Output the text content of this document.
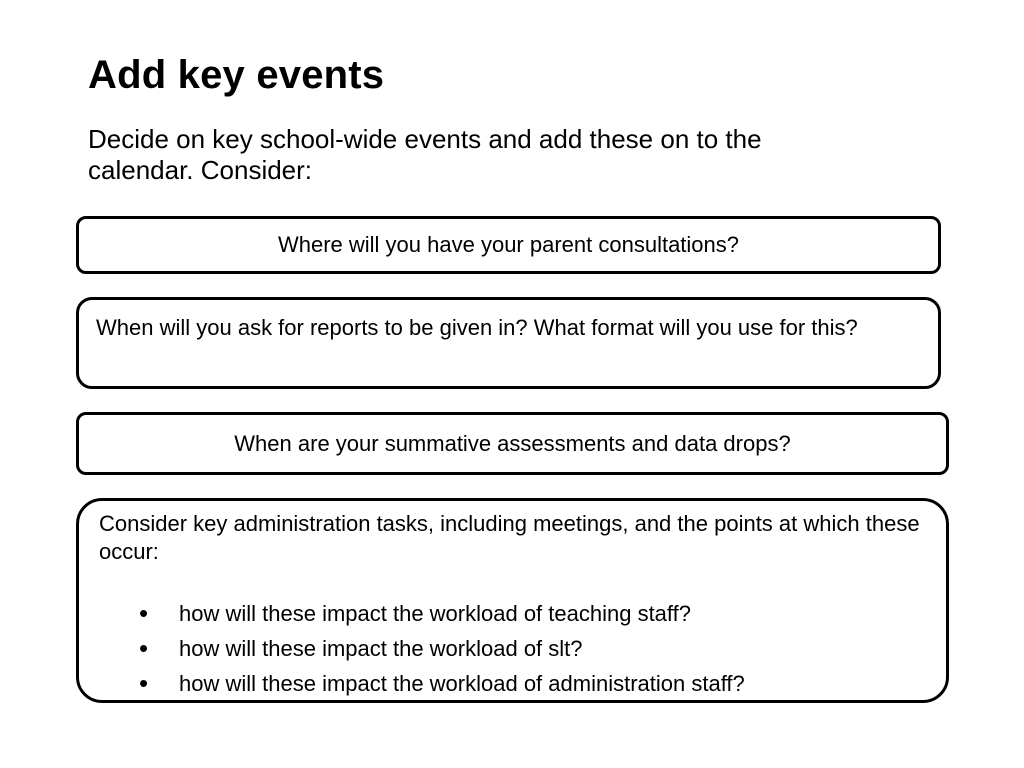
Add key events

Decide on key school-wide events and add these on to the calendar. Consider:

Where will you have your parent consultations?
When will you ask for reports to be given in? What format will you use for this?
When are your summative assessments and data drops?

Consider key administration tasks, including meetings, and the points at which these occur:

• how will these impact the workload of teaching staff?
• how will these impact the workload of slt?
• how will these impact the workload of administration staff?
